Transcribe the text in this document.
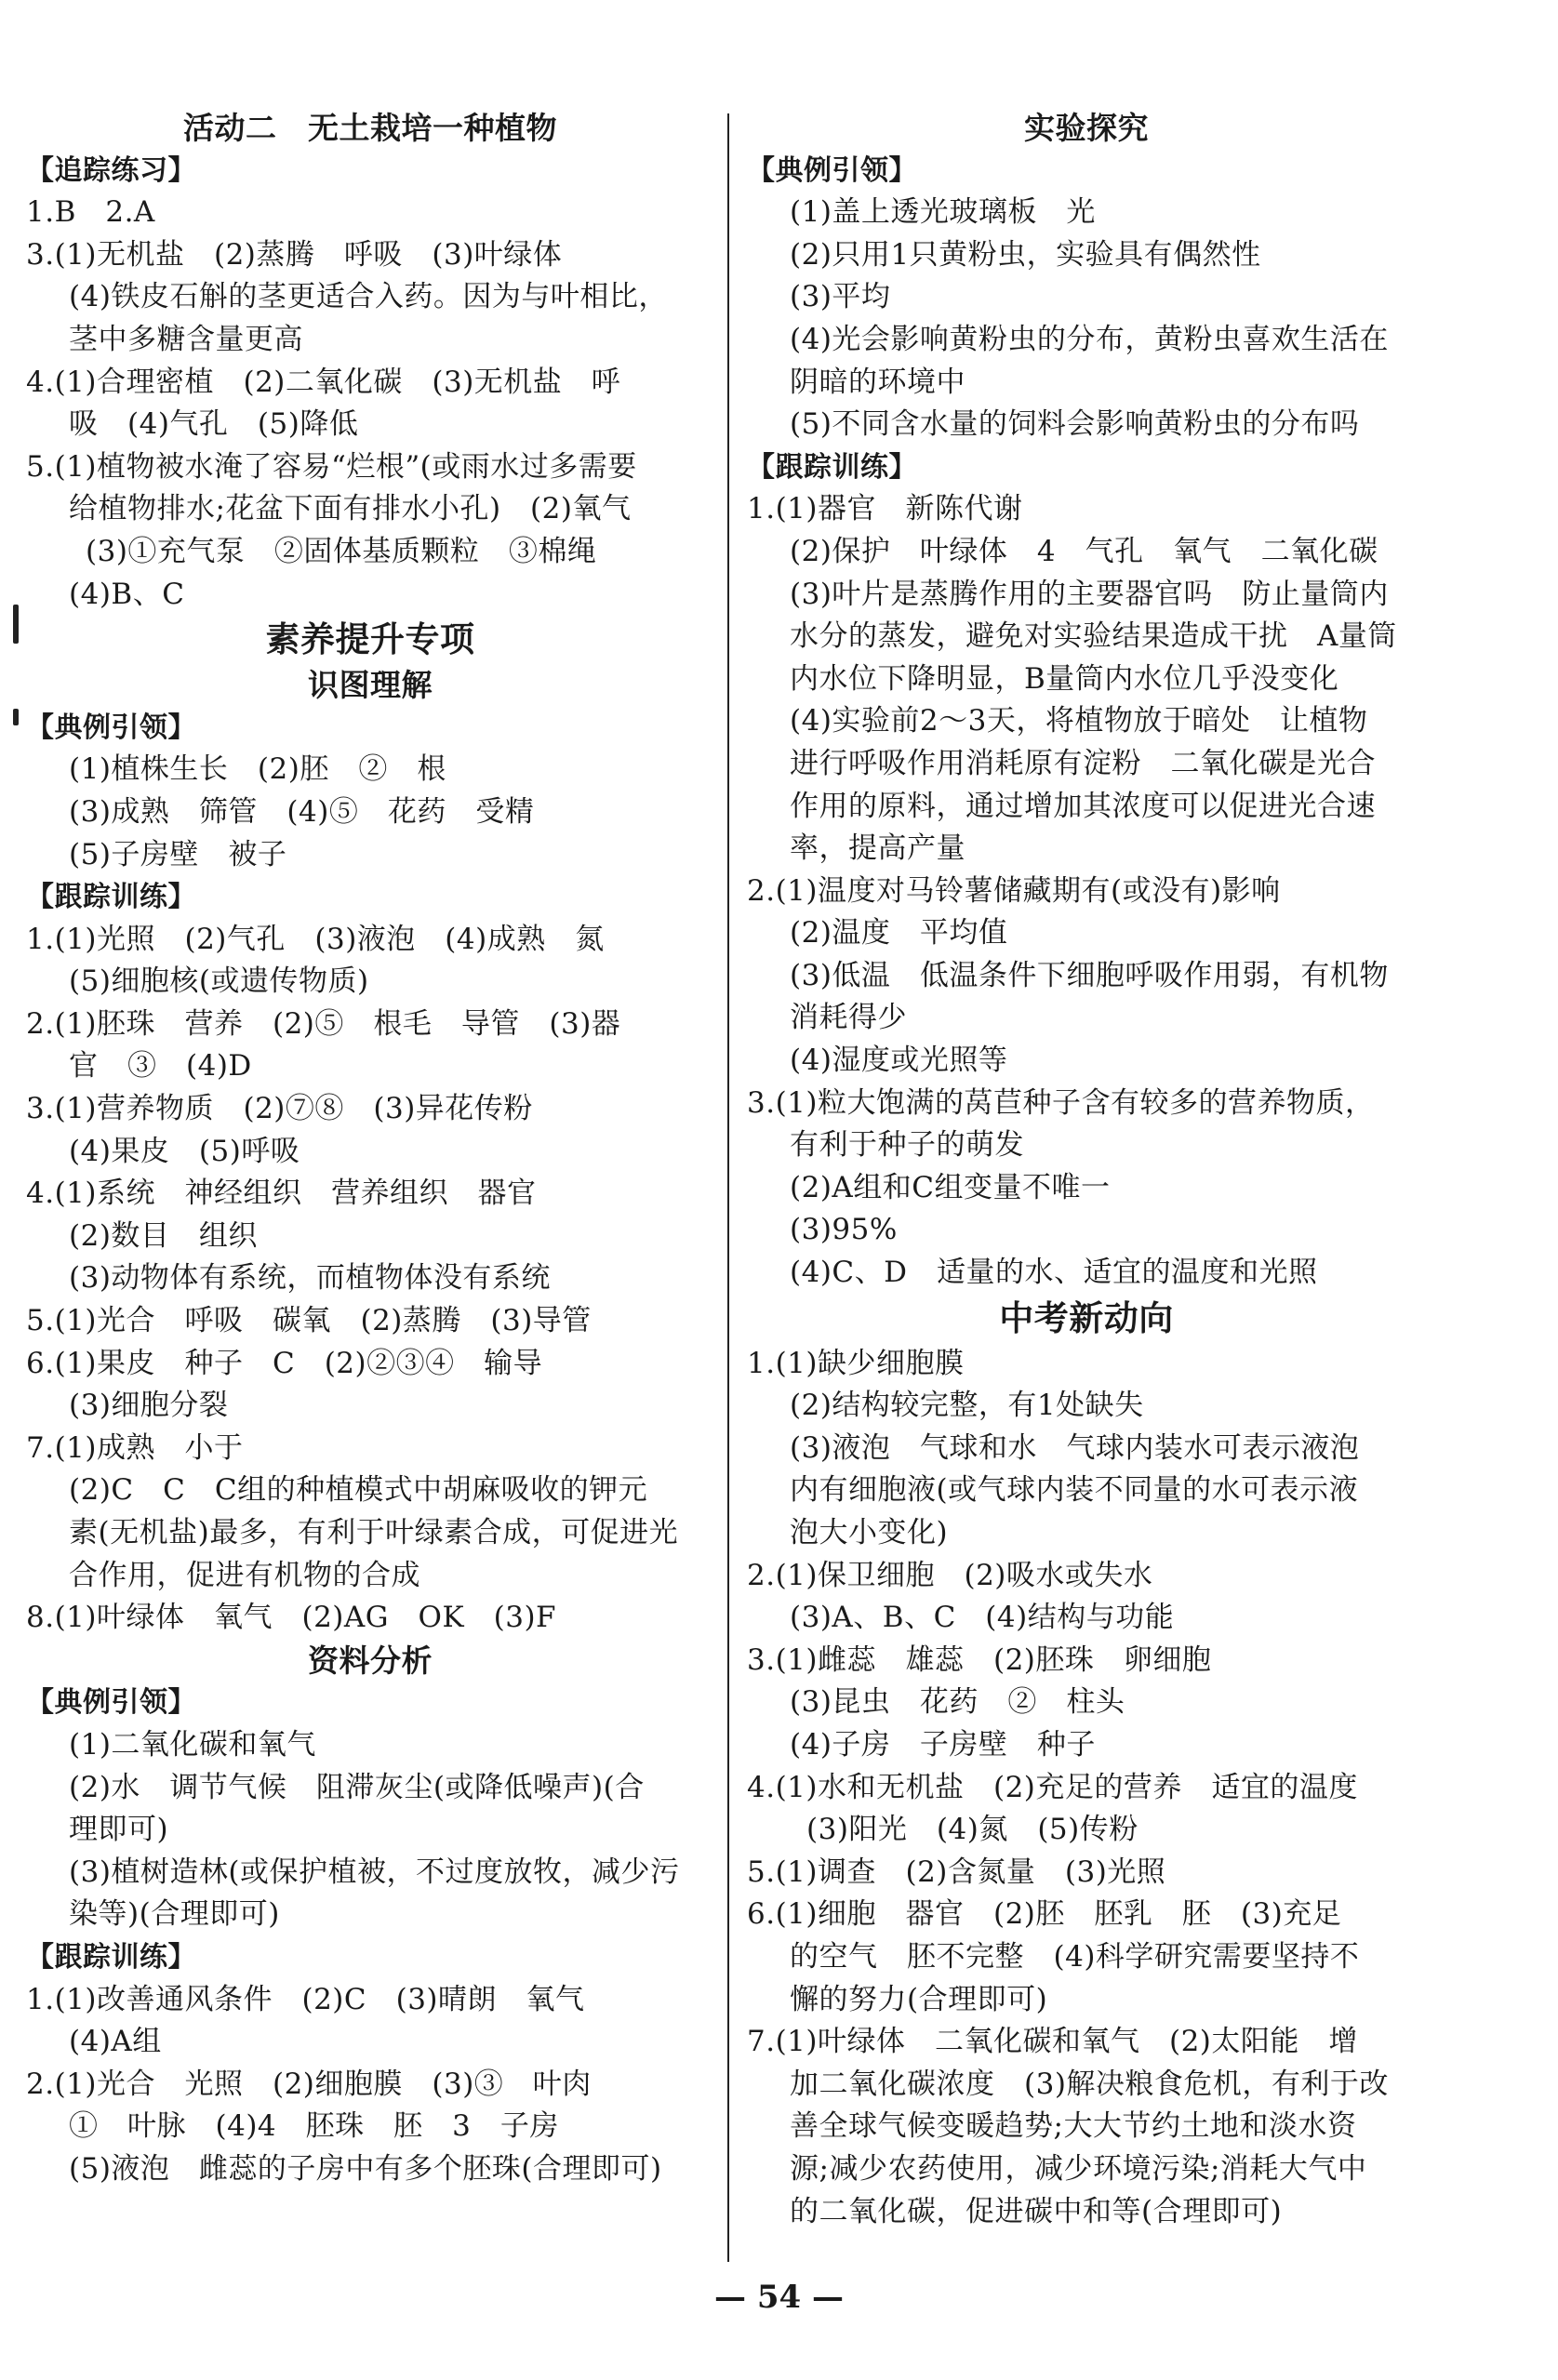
活动二　无土栽培一种植物
【追踪练习】
1.B　2.A
3.(1)无机盐　(2)蒸腾　呼吸　(3)叶绿体
(4)铁皮石斛的茎更适合入药。因为与叶相比，
茎中多糖含量更高
4.(1)合理密植　(2)二氧化碳　(3)无机盐　呼
吸　(4)气孔　(5)降低
5.(1)植物被水淹了容易“烂根”(或雨水过多需要
给植物排水;花盆下面有排水小孔)　(2)氧气
(3)①充气泵　②固体基质颗粒　③棉绳
(4)B、C
素养提升专项
识图理解
【典例引领】
(1)植株生长　(2)胚　②　根
(3)成熟　筛管　(4)⑤　花药　受精
(5)子房壁　被子
【跟踪训练】
1.(1)光照　(2)气孔　(3)液泡　(4)成熟　氮
(5)细胞核(或遗传物质)
2.(1)胚珠　营养　(2)⑤　根毛　导管　(3)器
官　③　(4)D
3.(1)营养物质　(2)⑦⑧　(3)异花传粉
(4)果皮　(5)呼吸
4.(1)系统　神经组织　营养组织　器官
(2)数目　组织
(3)动物体有系统，而植物体没有系统
5.(1)光合　呼吸　碳氧　(2)蒸腾　(3)导管
6.(1)果皮　种子　C　(2)②③④　输导
(3)细胞分裂
7.(1)成熟　小于
(2)C　C　C组的种植模式中胡麻吸收的钾元
素(无机盐)最多，有利于叶绿素合成，可促进光
合作用，促进有机物的合成
8.(1)叶绿体　氧气　(2)AG　OK　(3)F
资料分析
【典例引领】
(1)二氧化碳和氧气
(2)水　调节气候　阻滞灰尘(或降低噪声)(合
理即可)
(3)植树造林(或保护植被，不过度放牧，减少污
染等)(合理即可)
【跟踪训练】
1.(1)改善通风条件　(2)C　(3)晴朗　氧气
(4)A组
2.(1)光合　光照　(2)细胞膜　(3)③　叶肉
①　叶脉　(4)4　胚珠　胚　3　子房
(5)液泡　雌蕊的子房中有多个胚珠(合理即可)
实验探究
【典例引领】
(1)盖上透光玻璃板　光
(2)只用1只黄粉虫，实验具有偶然性
(3)平均
(4)光会影响黄粉虫的分布，黄粉虫喜欢生活在
阴暗的环境中
(5)不同含水量的饲料会影响黄粉虫的分布吗
【跟踪训练】
1.(1)器官　新陈代谢
(2)保护　叶绿体　4　气孔　氧气　二氧化碳
(3)叶片是蒸腾作用的主要器官吗　防止量筒内
水分的蒸发，避免对实验结果造成干扰　A量筒
内水位下降明显，B量筒内水位几乎没变化
(4)实验前2～3天，将植物放于暗处　让植物
进行呼吸作用消耗原有淀粉　二氧化碳是光合
作用的原料，通过增加其浓度可以促进光合速
率，提高产量
2.(1)温度对马铃薯储藏期有(或没有)影响
(2)温度　平均值
(3)低温　低温条件下细胞呼吸作用弱，有机物
消耗得少
(4)湿度或光照等
3.(1)粒大饱满的莴苣种子含有较多的营养物质，
有利于种子的萌发
(2)A组和C组变量不唯一
(3)95%
(4)C、D　适量的水、适宜的温度和光照
中考新动向
1.(1)缺少细胞膜
(2)结构较完整，有1处缺失
(3)液泡　气球和水　气球内装水可表示液泡
内有细胞液(或气球内装不同量的水可表示液
泡大小变化)
2.(1)保卫细胞　(2)吸水或失水
(3)A、B、C　(4)结构与功能
3.(1)雌蕊　雄蕊　(2)胚珠　卵细胞
(3)昆虫　花药　②　柱头
(4)子房　子房壁　种子
4.(1)水和无机盐　(2)充足的营养　适宜的温度
(3)阳光　(4)氮　(5)传粉
5.(1)调查　(2)含氮量　(3)光照
6.(1)细胞　器官　(2)胚　胚乳　胚　(3)充足
的空气　胚不完整　(4)科学研究需要坚持不
懈的努力(合理即可)
7.(1)叶绿体　二氧化碳和氧气　(2)太阳能　增
加二氧化碳浓度　(3)解决粮食危机，有利于改
善全球气候变暖趋势;大大节约土地和淡水资
源;减少农药使用，减少环境污染;消耗大气中
的二氧化碳，促进碳中和等(合理即可)
— 54 —
